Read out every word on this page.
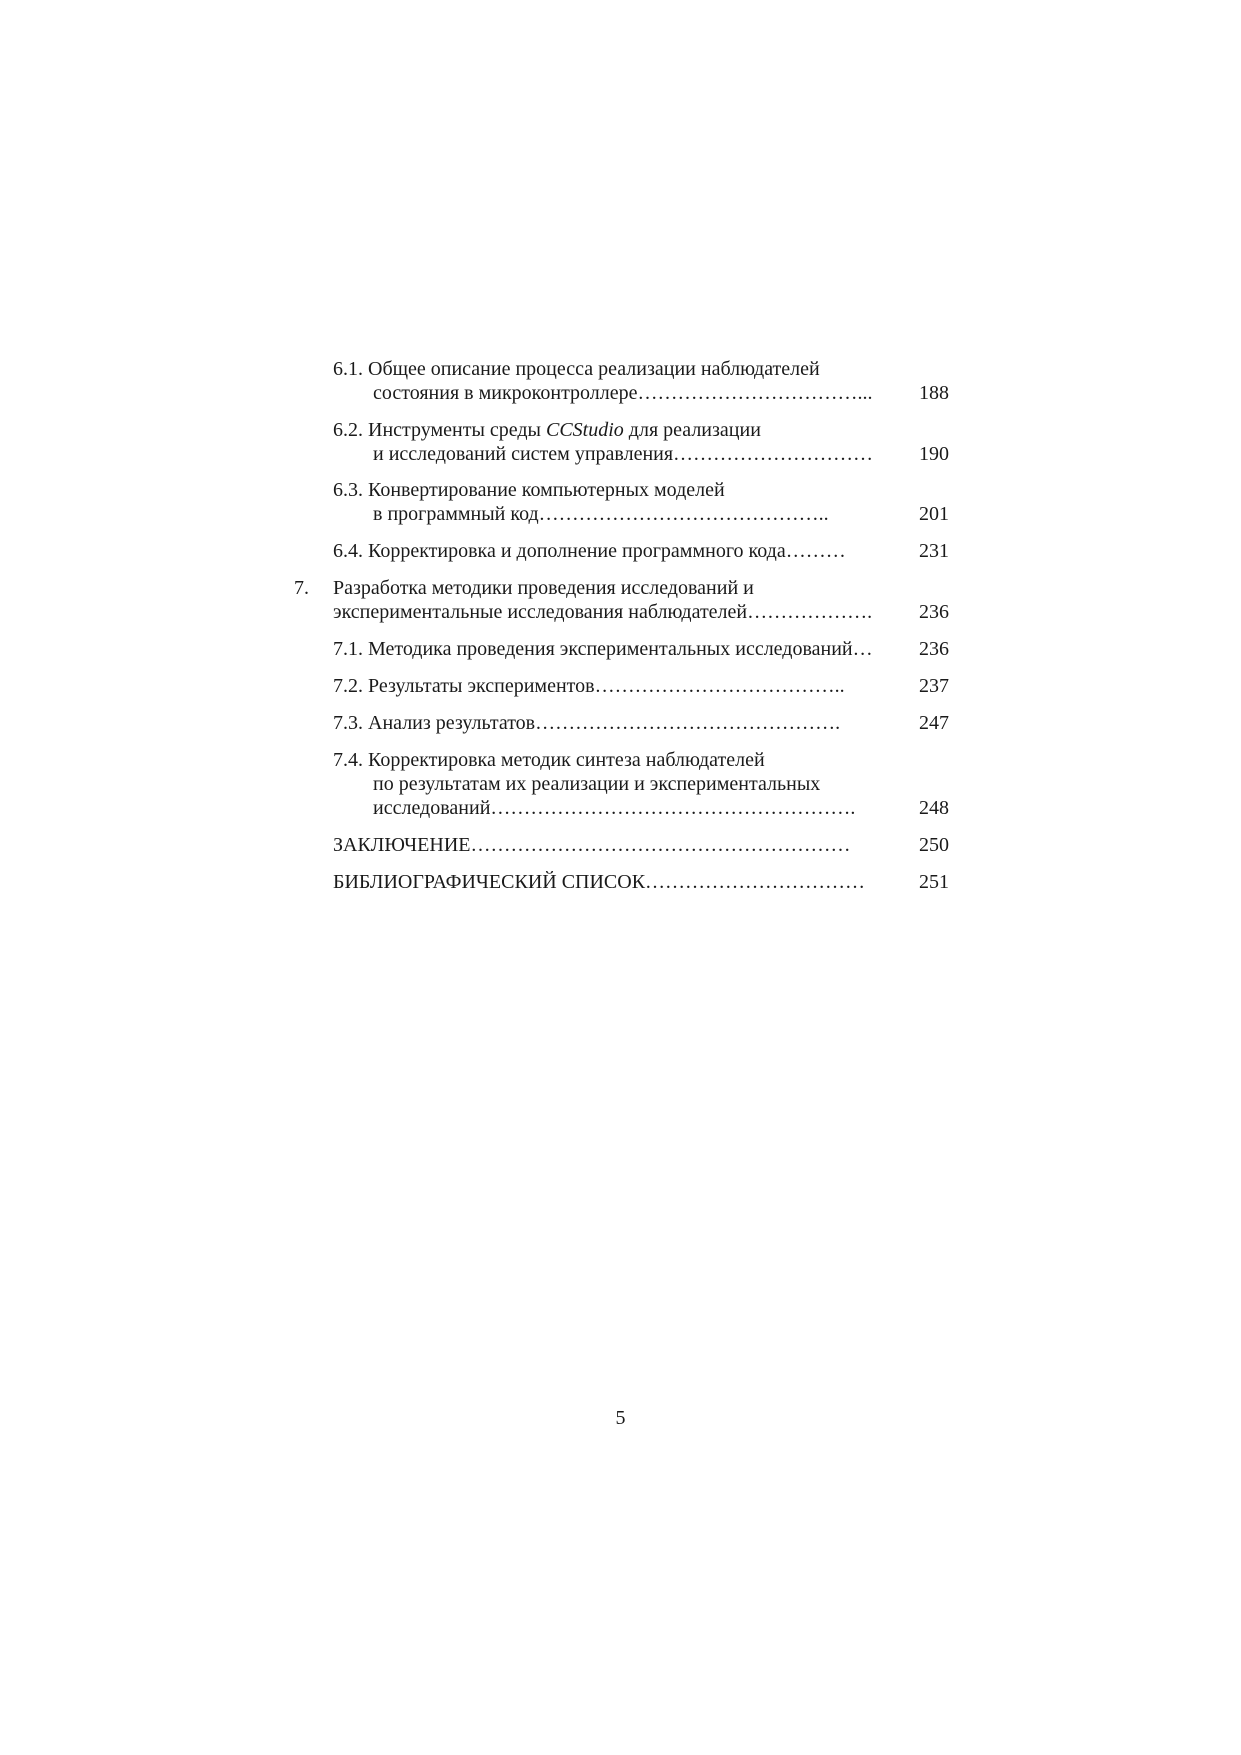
6.1. Общее описание процесса реализации наблюдателей
состояния в микроконтроллере……………………………...	188
6.2. Инструменты среды CCStudio для реализации
и исследований систем управления…………………………	190
6.3. Конвертирование компьютерных моделей
в программный код……………………………………..	201
6.4. Корректировка и дополнение программного кода………	231
7. Разработка методики проведения исследований и
экспериментальные исследования наблюдателей……………….	236
7.1. Методика проведения экспериментальных исследований…	236
7.2. Результаты экспериментов………………………………..	237
7.3. Анализ результатов……………………………………….	247
7.4. Корректировка методик синтеза наблюдателей
по результатам их реализации и экспериментальных
исследований……………………………………………….	248
ЗАКЛЮЧЕНИЕ…………………………………………………	250
БИБЛИОГРАФИЧЕСКИЙ СПИСОК……………………………	251
5
